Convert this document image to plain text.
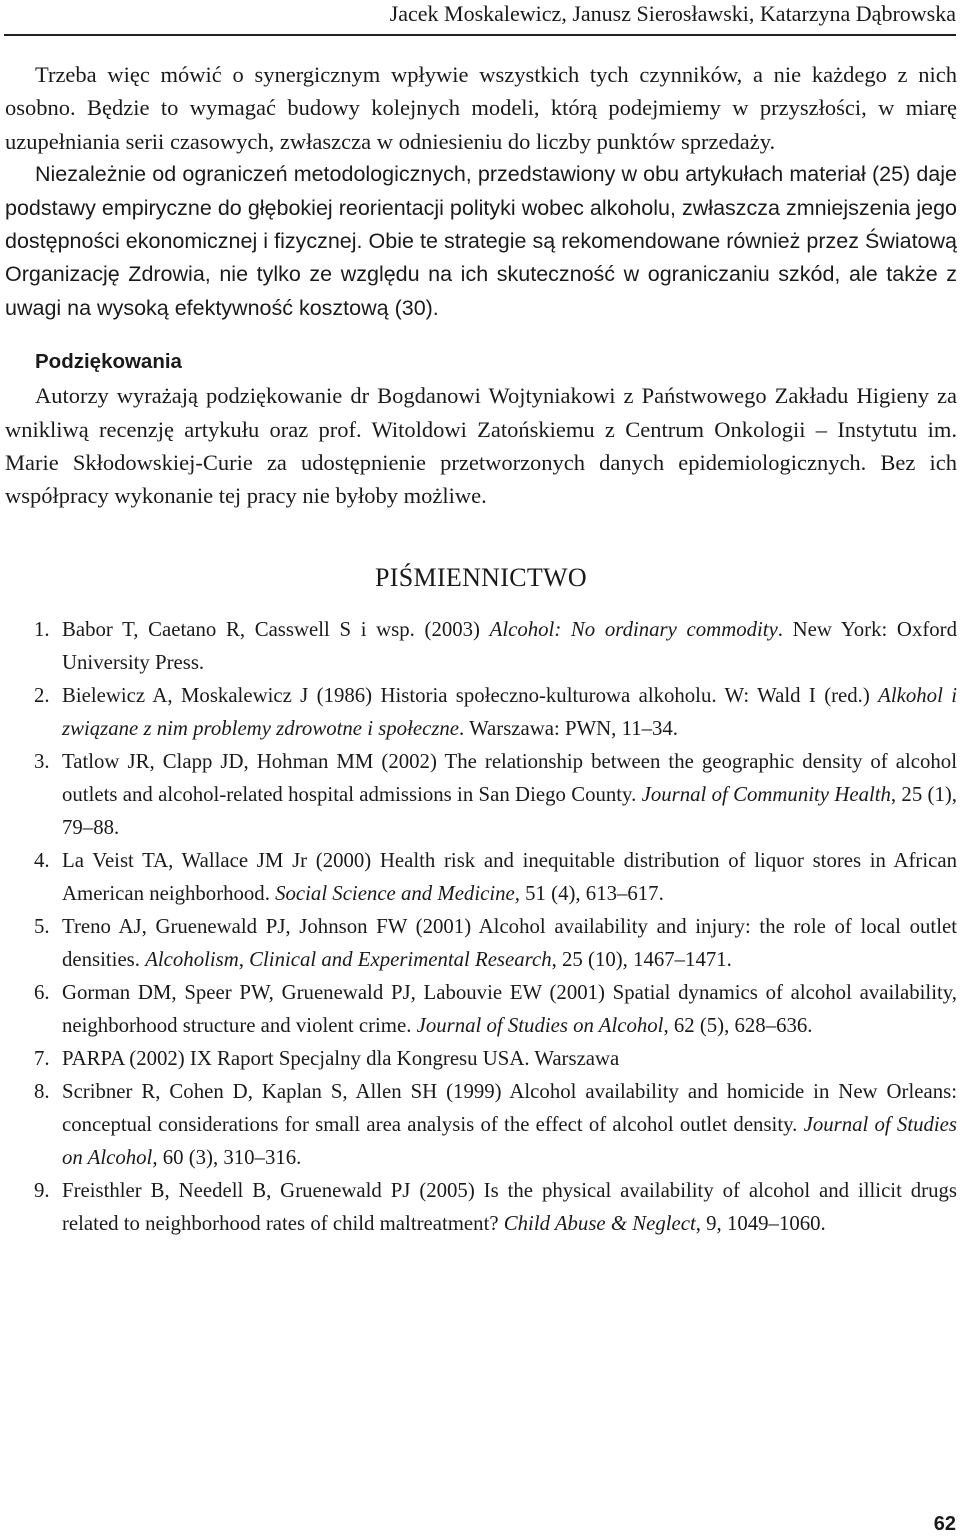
Jacek Moskalewicz, Janusz Sierosławski, Katarzyna Dąbrowska

Trzeba więc mówić o synergicznym wpływie wszystkich tych czynników, a nie każdego z nich osobno. Będzie to wymagać budowy kolejnych modeli, którą podejmiemy w przyszłości, w miarę uzupełniania serii czasowych, zwłaszcza w odniesieniu do liczby punktów sprzedaży.

Niezależnie od ograniczeń metodologicznych, przedstawiony w obu artykułach materiał (25) daje podstawy empiryczne do głębokiej reorientacji polityki wobec alkoholu, zwłaszcza zmniejszenia jego dostępności ekonomicznej i fizycznej. Obie te strategie są rekomendowane również przez Światową Organizację Zdrowia, nie tylko ze względu na ich skuteczność w ograniczaniu szkód, ale także z uwagi na wysoką efektywność kosztową (30).

Podziękowania

Autorzy wyrażają podziękowanie dr Bogdanowi Wojtyniakowi z Państwowego Zakładu Higieny za wnikliwą recenzję artykułu oraz prof. Witoldowi Zatońskiemu z Centrum Onkologii – Instytutu im. Marie Skłodowskiej-Curie za udostępnienie przetworzonych danych epidemiologicznych. Bez ich współpracy wykonanie tej pracy nie byłoby możliwe.

PIŚMIENNICTWO
1. Babor T, Caetano R, Casswell S i wsp. (2003) Alcohol: No ordinary commodity. New York: Oxford University Press.
2. Bielewicz A, Moskalewicz J (1986) Historia społeczno-kulturowa alkoholu. W: Wald I (red.) Alkohol i związane z nim problemy zdrowotne i społeczne. Warszawa: PWN, 11–34.
3. Tatlow JR, Clapp JD, Hohman MM (2002) The relationship between the geographic density of alcohol outlets and alcohol-related hospital admissions in San Diego County. Journal of Community Health, 25 (1), 79–88.
4. La Veist TA, Wallace JM Jr (2000) Health risk and inequitable distribution of liquor stores in African American neighborhood. Social Science and Medicine, 51 (4), 613–617.
5. Treno AJ, Gruenewald PJ, Johnson FW (2001) Alcohol availability and injury: the role of local outlet densities. Alcoholism, Clinical and Experimental Research, 25 (10), 1467–1471.
6. Gorman DM, Speer PW, Gruenewald PJ, Labouvie EW (2001) Spatial dynamics of alcohol availability, neighborhood structure and violent crime. Journal of Studies on Alcohol, 62 (5), 628–636.
7. PARPA (2002) IX Raport Specjalny dla Kongresu USA. Warszawa
8. Scribner R, Cohen D, Kaplan S, Allen SH (1999) Alcohol availability and homicide in New Orleans: conceptual considerations for small area analysis of the effect of alcohol outlet density. Journal of Studies on Alcohol, 60 (3), 310–316.
9. Freisthler B, Needell B, Gruenewald PJ (2005) Is the physical availability of alcohol and illicit drugs related to neighborhood rates of child maltreatment? Child Abuse & Neglect, 9, 1049–1060.
62
